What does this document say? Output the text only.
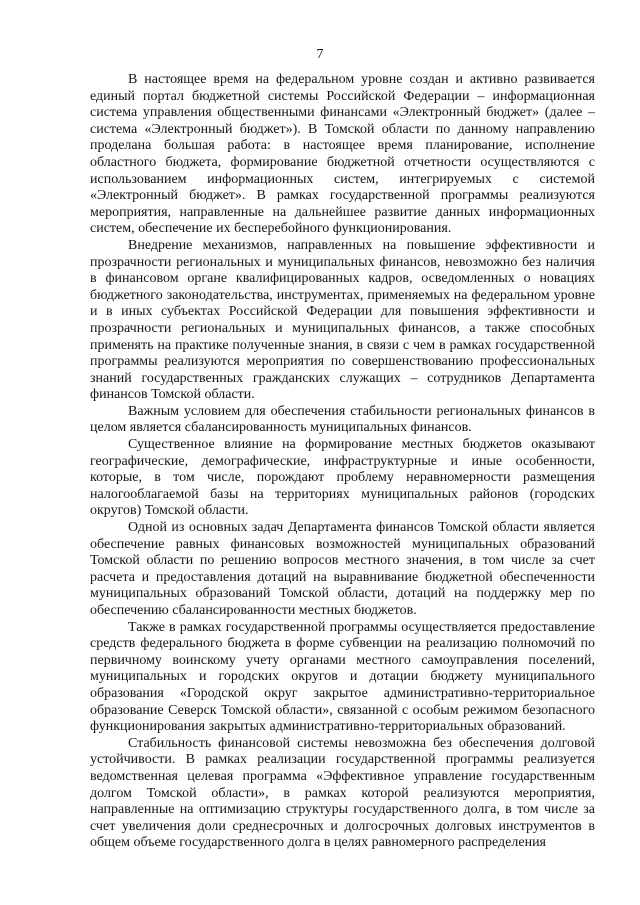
7

В настоящее время на федеральном уровне создан и активно развивается единый портал бюджетной системы Российской Федерации – информационная система управления общественными финансами «Электронный бюджет» (далее – система «Электронный бюджет»). В Томской области по данному направлению проделана большая работа: в настоящее время планирование, исполнение областного бюджета, формирование бюджетной отчетности осуществляются с использованием информационных систем, интегрируемых с системой «Электронный бюджет». В рамках государственной программы реализуются мероприятия, направленные на дальнейшее развитие данных информационных систем, обеспечение их бесперебойного функционирования.

Внедрение механизмов, направленных на повышение эффективности и прозрачности региональных и муниципальных финансов, невозможно без наличия в финансовом органе квалифицированных кадров, осведомленных о новациях бюджетного законодательства, инструментах, применяемых на федеральном уровне и в иных субъектах Российской Федерации для повышения эффективности и прозрачности региональных и муниципальных финансов, а также способных применять на практике полученные знания, в связи с чем в рамках государственной программы реализуются мероприятия по совершенствованию профессиональных знаний государственных гражданских служащих – сотрудников Департамента финансов Томской области.

Важным условием для обеспечения стабильности региональных финансов в целом является сбалансированность муниципальных финансов.

Существенное влияние на формирование местных бюджетов оказывают географические, демографические, инфраструктурные и иные особенности, которые, в том числе, порождают проблему неравномерности размещения налогооблагаемой базы на территориях муниципальных районов (городских округов) Томской области.

Одной из основных задач Департамента финансов Томской области является обеспечение равных финансовых возможностей муниципальных образований Томской области по решению вопросов местного значения, в том числе за счет расчета и предоставления дотаций на выравнивание бюджетной обеспеченности муниципальных образований Томской области, дотаций на поддержку мер по обеспечению сбалансированности местных бюджетов.

Также в рамках государственной программы осуществляется предоставление средств федерального бюджета в форме субвенции на реализацию полномочий по первичному воинскому учету органами местного самоуправления поселений, муниципальных и городских округов и дотации бюджету муниципального образования «Городской округ закрытое административно-территориальное образование Северск Томской области», связанной с особым режимом безопасного функционирования закрытых административно-территориальных образований.

Стабильность финансовой системы невозможна без обеспечения долговой устойчивости. В рамках реализации государственной программы реализуется ведомственная целевая программа «Эффективное управление государственным долгом Томской области», в рамках которой реализуются мероприятия, направленные на оптимизацию структуры государственного долга, в том числе за счет увеличения доли среднесрочных и долгосрочных долговых инструментов в общем объеме государственного долга в целях равномерного распределения
